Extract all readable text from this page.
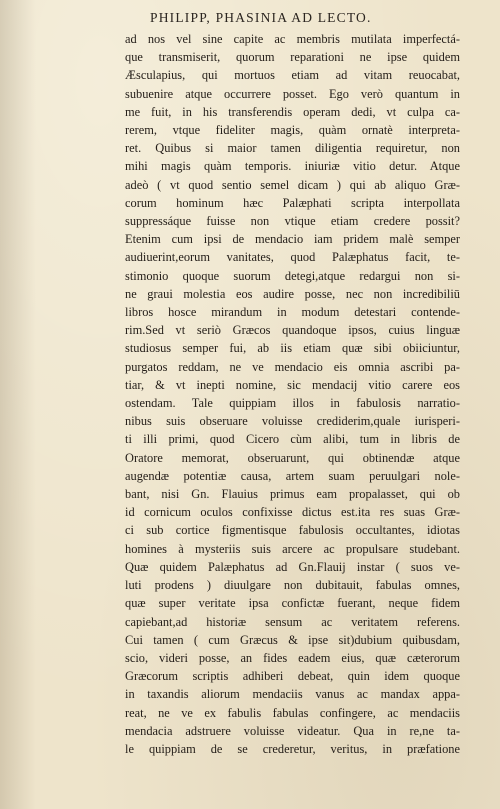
PHILIPP, PHASINIA AD LECTO.
ad nos vel sine capite ac membris mutilata imperfectá-
que transmiserit, quorum reparationi ne ipse quidem
Æsculapius, qui mortuos etiam ad vitam reuocabat,
subuenire atque occurrere posset. Ego verò quantum in
me fuit, in his transferendis operam dedi, vt culpa ca-
rerem, vtque fideliter magis, quàm ornatè interpreta-
ret. Quibus si maior tamen diligentia requiretur, non
mihi magis quàm temporis. iniuriæ vitio detur. Atque
adeò ( vt quod sentio semel dicam ) qui ab aliquo Græ-
corum hominum hæc Palæphati scripta interpollata
suppressáque fuisse non vtique etiam credere possit?
Etenim cum ipsi de mendacio iam pridem malè semper
audiuerint,eorum vanitates, quod Palæphatus facit, te-
stimonio quoque suorum detegi,atque redargui non si-
ne graui molestia eos audire posse, nec non incredibiliū
libros hosce mirandum in modum detestari contende-
rim.Sed vt seriò Græcos quandoque ipsos, cuius linguæ
studiosus semper fui, ab iis etiam quæ sibi obiiciuntur,
purgatos reddam, ne ve mendacio eis omnia ascribi pa-
tiar, & vt inepti nomine, sic mendacij vitio carere eos
ostendam. Tale quippiam illos in fabulosis narratio-
nibus suis obseruare voluisse crediderim,quale iurisperi-
ti illi primi, quod Cicero cùm alibi, tum in libris de
Oratore memorat, obseruarunt, qui obtinendæ atque
augendæ potentiæ causa, artem suam peruulgari nole-
bant, nisi Gn. Flauius primus eam propalasset, qui ob
id cornicum oculos confixisse dictus est.ita res suas Græ-
ci sub cortice figmentisque fabulosis occultantes, idiotas
homines à mysteriis suis arcere ac propulsare studebant.
Quæ quidem Palæphatus ad Gn.Flauij instar ( suos ve-
luti prodens ) diuulgare non dubitauit, fabulas omnes,
quæ super veritate ipsa confictæ fuerant, neque fidem
capiebant,ad historiæ sensum ac veritatem referens.
Cui tamen ( cum Græcus & ipse sit)dubium quibusdam,
scio, videri posse, an fides eadem eius, quæ cæterorum
Græcorum scriptis adhiberi debeat, quin idem quoque
in taxandis aliorum mendaciis vanus ac mandax appa-
reat, ne ve ex fabulis fabulas confingere, ac mendaciis
mendacia adstruere voluisse videatur. Qua in re,ne ta-
le quippiam de se crederetur, veritus, in præfatione
